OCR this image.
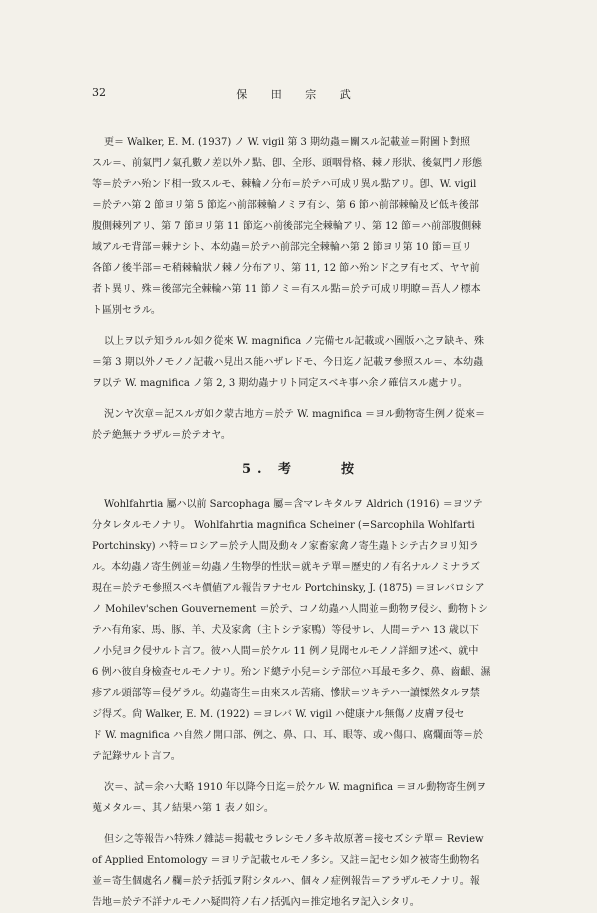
32	保 田 宗 武
更＝ Walker, E. M. (1937) ノ W. vigil 第 3 期幼蟲＝關スル記載並＝附圖ト對照
スル＝、前氣門ノ氣孔數ノ差以外ノ點、卽、全形、頭咽骨格、棘ノ形狀、後氣門ノ形態
等＝於テハ殆ンド相一致スルモ、棘輪ノ分布＝於テハ可成リ異ル點アリ。卽、W. vigil
＝於テハ第 2 節ヨリ第 5 節迄ハ前部棘輪ノミヲ有シ、第 6 節ハ前部棘輪及ビ低キ後部
腹側棘列アリ、第 7 節ヨリ第 11 節迄ハ前後部完全棘輪アリ、第 12 節＝ハ前部腹側棘
域アルモ背部＝棘ナシト、本幼蟲＝於テハ前部完全棘輪ハ第 2 節ヨリ第 10 節＝亘リ
各節ノ後半部＝モ稍棘輪狀ノ棘ノ分布アリ、第 11, 12 節ハ殆ンド之ヲ有セズ、ヤヤ前
者ト異リ、殊＝後部完全棘輪ハ第 11 節ノミ＝有スル點＝於テ可成リ明瞭＝吾人ノ標本
ト區別セラル。
以上ヲ以テ知ラルル如ク從來 W. magnifica ノ完備セル記載或ハ圖版ハ之ヲ缺キ、殊
＝第 3 期以外ノモノノ記載ハ見出ス能ハザレドモ、今日迄ノ記載ヲ參照スル＝、本幼蟲
ヲ以テ W. magnifica ノ第 2, 3 期幼蟲ナリト同定スベキ事ハ余ノ確信スル處ナリ。
況ンヤ次章＝記スルガ如ク蒙古地方＝於テ W. magnifica ＝ヨル動物寄生例ノ從來＝
於テ絶無ナラザル＝於テオヤ。
5. 考	按
Wohlfahrtia 屬ハ以前 Sarcophaga 屬＝含マレキタルヲ Aldrich (1916) ＝ヨツテ
分タレタルモノナリ。 Wohlfahrtia magnifica Scheiner (=Sarcophila Wohlfarti
Portchinsky) ハ特＝ロシア＝於テ人間及動々ノ家畜家禽ノ寄生蟲トシテ古クヨリ知ラ
ル。本幼蟲ノ寄生例並＝幼蟲ノ生物學的性狀＝就キテ單＝歷史的ノ有名ナルノミナラズ
現在＝於テモ參照スベキ價値アル報告ヲナセル Portchinsky, J. (1875) ＝ヨレバロシア
ノ Mohilev'schen Gouvernement ＝於テ、コノ幼蟲ハ人間並＝動物ヲ侵シ、動物トシ
テハ有角家、馬、豚、羊、犬及家禽（主トシテ家鴨）等侵サレ、人間＝テハ 13 歳以下
ノ小兒ヨク侵サルト言フ。彼ハ人間＝於ケル 11 例ノ見聞セルモノノ詳細ヲ述ベ、就中
6 例ハ彼自身檢查セルモノナリ。殆ンド總テ小兒＝シテ部位ハ耳最モ多ク、鼻、齒齦、濕
疹アル頭部等＝侵ゲラル。幼蟲寄生＝由來スル苦痛、慘狀＝ツキテハ一讀慄然タルヲ禁
ジ得ズ。尙 Walker, E. M. (1922) ＝ヨレバ W. vigil ハ健康ナル無傷ノ皮膚ヲ侵セ
ド W. magnifica ハ自然ノ開口部、例之、鼻、口、耳、眼等、或ハ傷口、腐爛面等＝於
テ記錄サルト言フ。
次＝、試＝余ハ大略 1910 年以降今日迄＝於ケル W. magnifica ＝ヨル動物寄生例ヲ
蒐メタル＝、其ノ結果ハ第 1 表ノ如シ。
但シ之等報告ハ特殊ノ雜誌＝掲載セラレシモノ多キ故原著＝接セズシテ單＝ Review
of Applied Entomology ＝ヨリテ記載セルモノ多シ。又註＝記セシ如ク被寄生動物名
並＝寄生個處名ノ欄＝於テ括弧ヲ附シタルハ、個々ノ症例報告＝アラザルモノナリ。報
告地＝於テ不詳ナルモノハ疑問符ノ右ノ括弧內＝推定地名ヲ記入シタリ。
